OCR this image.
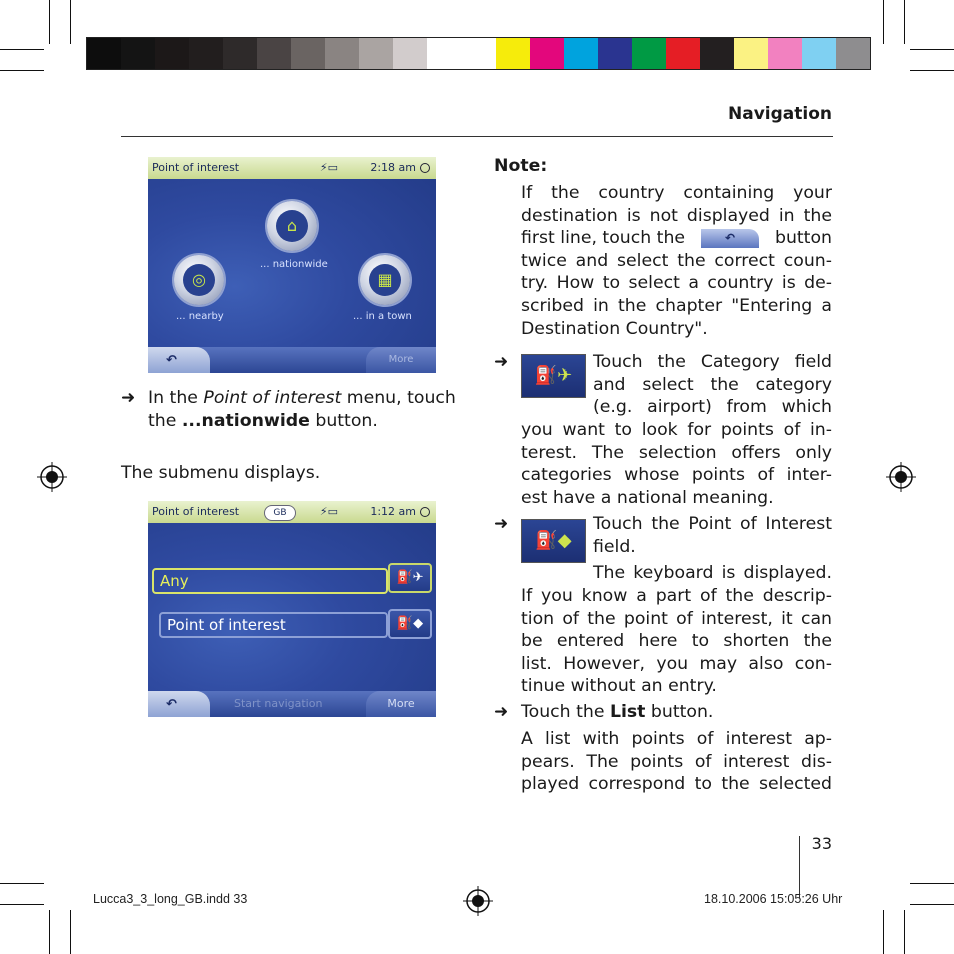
Navigation
Point of interest	⚡▭	2:18 am
⌂
... nationwide
◎
... nearby
▦
... in a town
↶	More
➜ In the Point of interest menu, touch
the ...nationwide button.
The submenu displays.
Point of interest	GB	⚡▭	1:12 am
Any	⛽✈
Point of interest	⛽◆
↶	Start navigation	More
Note:
If the country containing your
destination is not displayed in the
first line, touch the	↶	button
twice and select the correct coun-
try. How to select a country is de-
scribed in the chapter "Entering a
Destination Country".
➜
⛽✈
Touch the Category field
and select the category
(e.g. airport) from which
you want to look for points of in-
terest. The selection offers only
categories whose points of inter-
est have a national meaning.
➜
⛽◆
Touch the Point of Interest
field.
The keyboard is displayed.
If you know a part of the descrip-
tion of the point of interest, it can
be entered here to shorten the
list. However, you may also con-
tinue without an entry.
➜ Touch the List button.
A list with points of interest ap-
pears. The points of interest dis-
played correspond to the selected
33
Lucca3_3_long_GB.indd 33	18.10.2006 15:05:26 Uhr
